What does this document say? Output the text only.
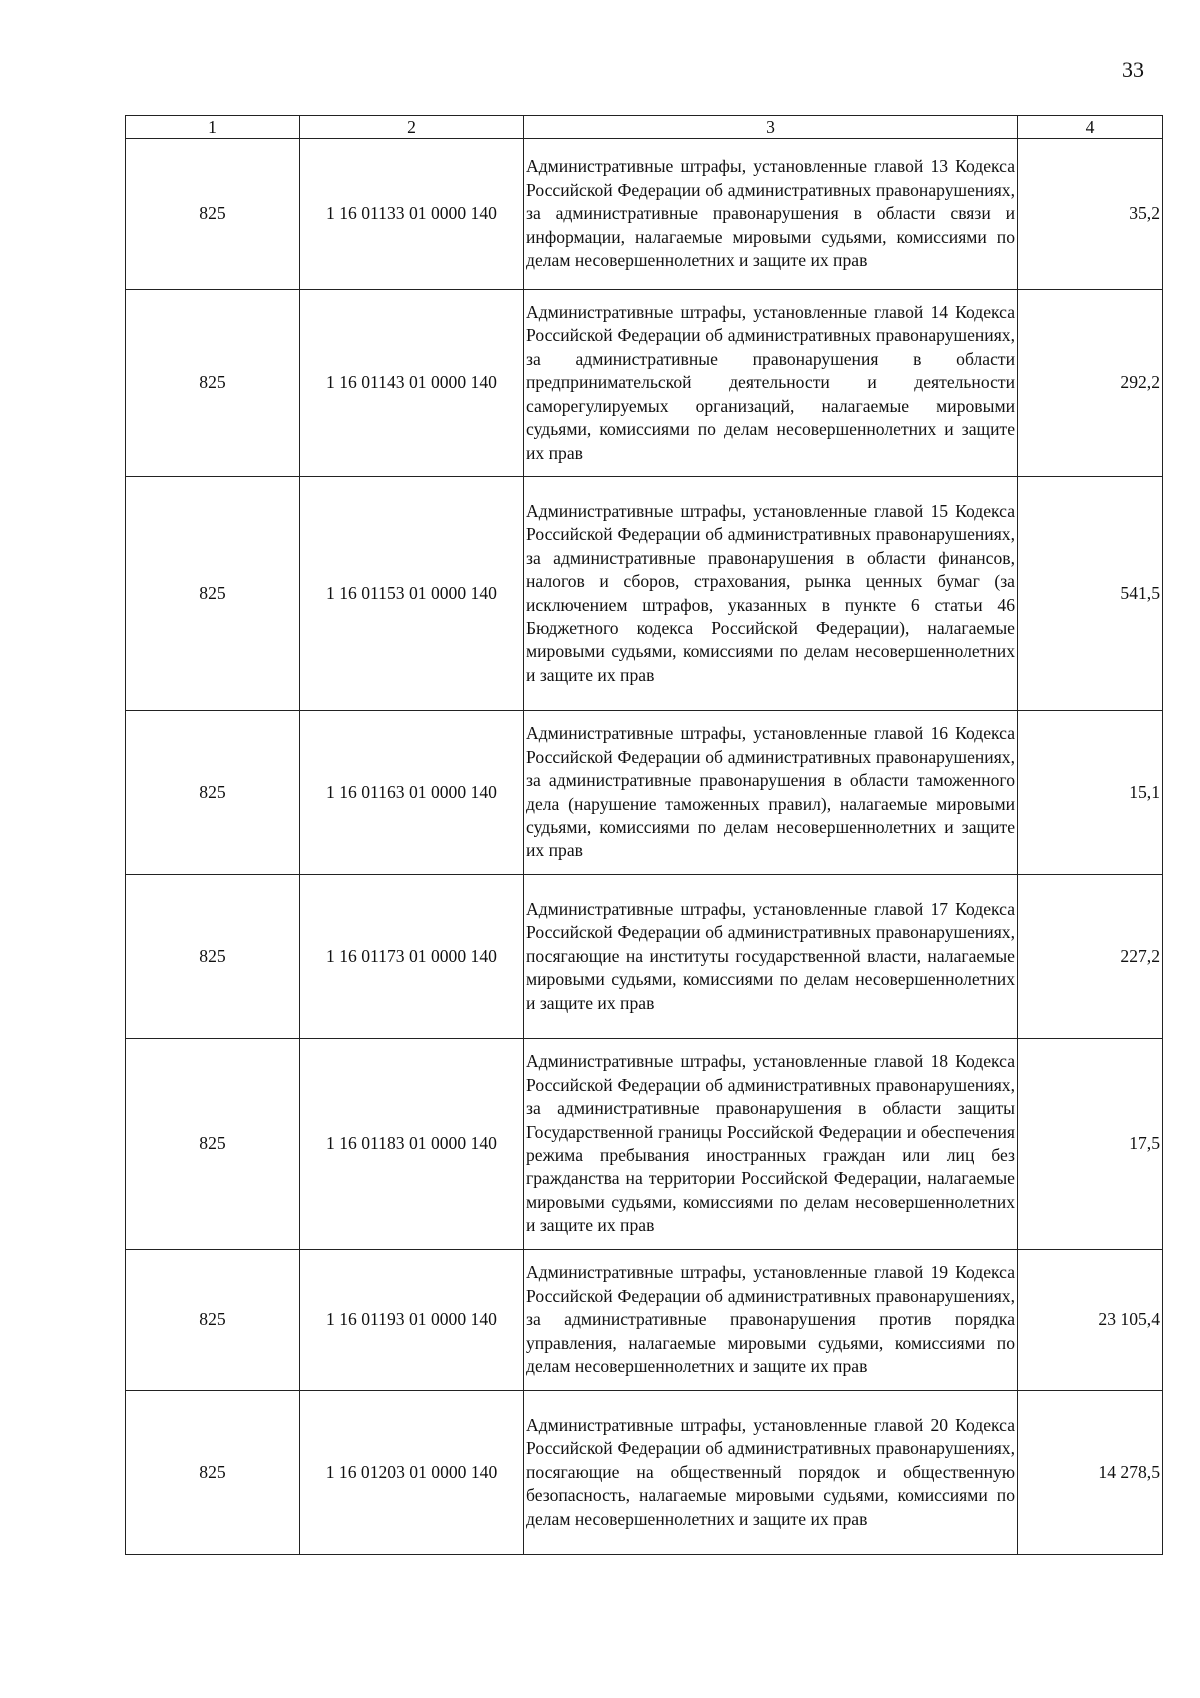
33
1	2	3	4
825	1 16 01133 01 0000 140	Административные штрафы, установленные главой 13 Кодекса Российской Федерации об административных правонарушениях, за административные правонарушения в области связи и информации, налагаемые мировыми судьями, комиссиями по делам несовершеннолетних и защите их прав	35,2
825	1 16 01143 01 0000 140	Административные штрафы, установленные главой 14 Кодекса Российской Федерации об административных правонарушениях, за административные правонарушения в области предпринимательской деятельности и деятельности саморегулируемых организаций, налагаемые мировыми судьями, комиссиями по делам несовершеннолетних и защите их прав	292,2
825	1 16 01153 01 0000 140	Административные штрафы, установленные главой 15 Кодекса Российской Федерации об административных правонарушениях, за административные правонарушения в области финансов, налогов и сборов, страхования, рынка ценных бумаг (за исключением штрафов, указанных в пункте 6 статьи 46 Бюджетного кодекса Российской Федерации), налагаемые мировыми судьями, комиссиями по делам несовершеннолетних и защите их прав	541,5
825	1 16 01163 01 0000 140	Административные штрафы, установленные главой 16 Кодекса Российской Федерации об административных правонарушениях, за административные правонарушения в области таможенного дела (нарушение таможенных правил), налагаемые мировыми судьями, комиссиями по делам несовершеннолетних и защите их прав	15,1
825	1 16 01173 01 0000 140	Административные штрафы, установленные главой 17 Кодекса Российской Федерации об административных правонарушениях, посягающие на институты государственной власти, налагаемые мировыми судьями, комиссиями по делам несовершеннолетних и защите их прав	227,2
825	1 16 01183 01 0000 140	Административные штрафы, установленные главой 18 Кодекса Российской Федерации об административных правонарушениях, за административные правонарушения в области защиты Государственной границы Российской Федерации и обеспечения режима пребывания иностранных граждан или лиц без гражданства на территории Российской Федерации, налагаемые мировыми судьями, комиссиями по делам несовершеннолетних и защите их прав	17,5
825	1 16 01193 01 0000 140	Административные штрафы, установленные главой 19 Кодекса Российской Федерации об административных правонарушениях, за административные правонарушения против порядка управления, налагаемые мировыми судьями, комиссиями по делам несовершеннолетних и защите их прав	23 105,4
825	1 16 01203 01 0000 140	Административные штрафы, установленные главой 20 Кодекса Российской Федерации об административных правонарушениях, посягающие на общественный порядок и общественную безопасность, налагаемые мировыми судьями, комиссиями по делам несовершеннолетних и защите их прав	14 278,5
